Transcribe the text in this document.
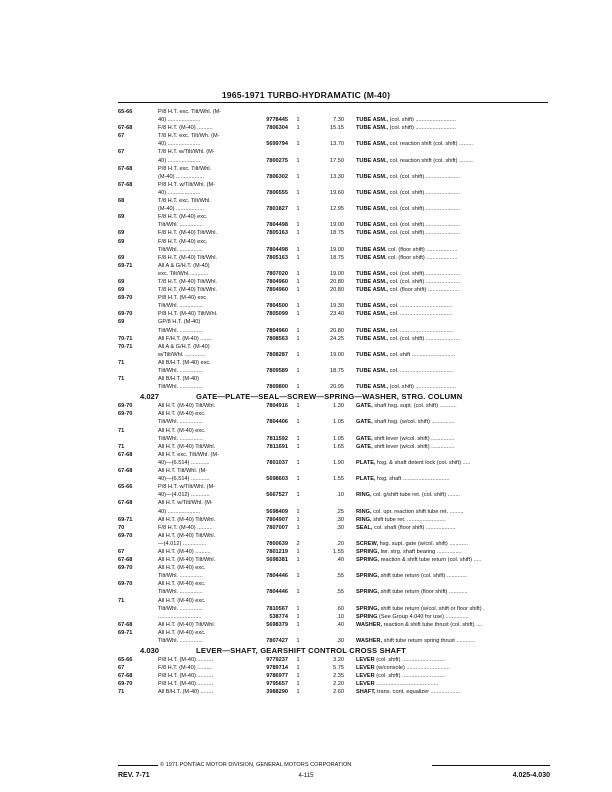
1965-1971 TURBO-HYDRAMATIC (M-40)
65-66	P/8 H.T. exc. Tilt/Whl. (M-
40) .....................	9778445	1	7.30 TUBE ASM., (col. shift) ..........................
67-68	F/8 H.T. (M-40) ..........	7806304	1	15.15 TUBE ASM., (col. shift) ..........................
67	T/8 H.T. exc. Tilt/Wh. (M-
40) .....................	5699794	1	13.70 TUBE ASM., col. reaction shift (col. shift) .........
67	T/8 H.T. w/Tilt/Whl. (M-
40) .....................	7800275	1	17.50 TUBE ASM., col. reaction shift (col. shift) .........
67-68	P/8 H.T. exc. Tilt/Whl.
(M-40) ..................	7806302	1	13.30 TUBE ASM., col. (col. shift) ......................
67-68	P/8 H.T. w/Tilt/Whl. (M-
40) .....................	7806555	1	19.60 TUBE ASM., col. (col. shift) ......................
68	T/8 H.T. exc. Tilt/Whl.
(M-40) ..................	7801827	1	12.95 TUBE ASM., col. (col. shift) ......................
69	F/8 H.T. (M-40) exc.
Tilt/Whl. ...............	7804498	1	19.00 TUBE ASM., col. (col. shift) ......................
69	F/8 H.T. (M-40) Tilt/Whl.	7805163	1	18.75 TUBE ASM., col. (col. shift) ......................
69	F/8 H.T. (M-40) exc.
Tilt/Whl. ...............	7804498	1	19.00 TUBE ASM. col. (floor shift) ....................
69	F/8 H.T. (M-40) Tilt/Whl.	7805163	1	18.75 TUBE ASM. col. (floor shift) ....................
69-71	All A & G/H.T. (M-40)
exc. Tilt/Whl. ...........	7807020	1	19.00 TUBE ASM., col. (col. shift) ......................
69	T/8 H.T. (M-40) Tilt/Whl.	7804960	1	20.80 TUBE ASM., col. (col. shift) ......................
69	T/8 H.T. (M-40) Tilt/Whl.	7804960	1	20.80 TUBE ASM., col. (floor shift) ....................
69-70	P/8 H.T. (M-40) exc.
Tilt/Whl. ...............	7804500	1	19.30 TUBE ASM., col. ..................................
69-70	P/8 H.T. (M-40) Tilt/Whl.	7805099	1	23.40 TUBE ASM., col. ..................................
69	GP/8 H.T. (M-40)
Tilt/Whl. ...............	7804960	1	20.80 TUBE ASM., col. ..................................
70-71	All F/H.T. (M-40) ........	7808563	1	24.25 TUBE ASM., col. (col. shift) ......................
70-71	All A & G/H.T. (M-40)
w/Tilt/Whl. .............	7808287	1	19.00 TUBE ASM., col. shift ............................
71	All B/H.T. (M-40) exc.
Tilt/Whl. ...............	7809589	1	18.75 TUBE ASM., col. ..................................
71	All B/H.T. (M-40)
Tilt/Whl. ...............	7809800	1	20.95 TUBE ASM., (col. shift) ..........................
4.027	GATE—PLATE—SEAL—SCREW—SPRING—WASHER, STRG. COLUMN
69-70	All H.T. (M-40) Tilt/Whl.	7804916	1	1.30 GATE, shaft hsg. supt. (col. shift) ...........
69-70	All H.T. (M-40) exc.
Tilt/Whl. ...............	7804406	1	1.05 GATE, shaft hsg. (w/col. shift) ...............
71	All H.T. (M-40) exc.
Tilt/Whl. ...............	7811592	1	1.05 GATE, shift lever (w/col. shift) ...............
71	All H.T. (M-40) Tilt/Whl.	7811691	1	1.65 GATE, shift lever (w/col. shift) ...............
67-68	All H.T. exc. Tilt/Whl. (M-
40)—(6.514) ............	7801037	1	1.90 PLATE, hsg. & shaft detent lock (col. shift) .....
67-68	All H.T. Tilt/Whl. (M-
40)—(6.514) ............	5698603	1	1.55 PLATE, hsg. shaft ..............................
65-66	P/8 H.T. w/Tilt/Whl. (M-
40)—(4.012) ............	5667527	1	.10 RING, col. g/shift tube ret. (col. shift) ........
67-68	All H.T. w/Tilt/Whl. (M-
40) .....................	5698409	1	.25 RING, col. upr. reaction shift tube ret. .........
69-71	All H.T. (M-40) Tilt/Whl.	7804907	1	.30 RING, shift tube ret. .........................
70	F/8 H.T. (M-40) ..........	7807007	1	.30 SEAL, col. shaft (floor shift) ...................
69-70	All H.T. (M-40) Tilt/Whl.
—(4.012) ...............	7800639	2	.20 SCREW, hsg. supt. gate (w/col. shift) ............
67	All H.T. (M-40) ..........	7801219	1	1.55 SPRING, lwr. strg. shaft bearing ................
67-68	All H.T. (M-40) Tilt/Whl.	5698381	1	.40 SPRING, reaction & shift tube return (col. shift) .....
69-70	All H.T. (M-40) exc.
Tilt/Whl. ...............	7804446	1	.55 SPRING, shift tube return (col. shift) .............
69-70	All H.T. (M-40) exc.
Tilt/Whl. ...............	7804446	1	.55 SPRING, shift tube return (floor shift) ............
71	All H.T. (M-40) exc.
Tilt/Whl. ...............	7810567	1	.60 SPRING, shift tube return (w/col. shift or floor shift) .
............................	538774	1	.10 SPRING (See Group 4.040 for use) ...............
67-68	All H.T. (M-40) Tilt/Whl.	5698379	1	.40 WASHER, reaction & shift tube thrust (col. shift) ....
69-71	All H.T. (M-40) exc.
Tilt/Whl. ...............	7807427	1	.30 WASHER, shift tube return spring thrust ............
4.030	LEVER—SHAFT, GEARSHIFT CONTROL CROSS SHAFT
65-66	P/8 H.T. (M-40) ..........	9779237	1	3.20 LEVER (col. shift) ............................
67	F/8 H.T. (M-40) ..........	9789714	1	5.75 LEVER (w/console) ............................
67-68	P/8 H.T. (M-40) ..........	9786977	1	2.35 LEVER (col. shift) ............................
69-70	P/8 H.T. (M-40) ..........	9795657	1	2.20 LEVER ........................................
71	All B/H.T. (M-40) ........	3988290	1	2.60 SHAFT, trans. cont. equalizer ...................
© 1971 PONTIAC MOTOR DIVISION, GENERAL MOTORS CORPORATION
REV. 7-71	4-115	4.025-4.030
